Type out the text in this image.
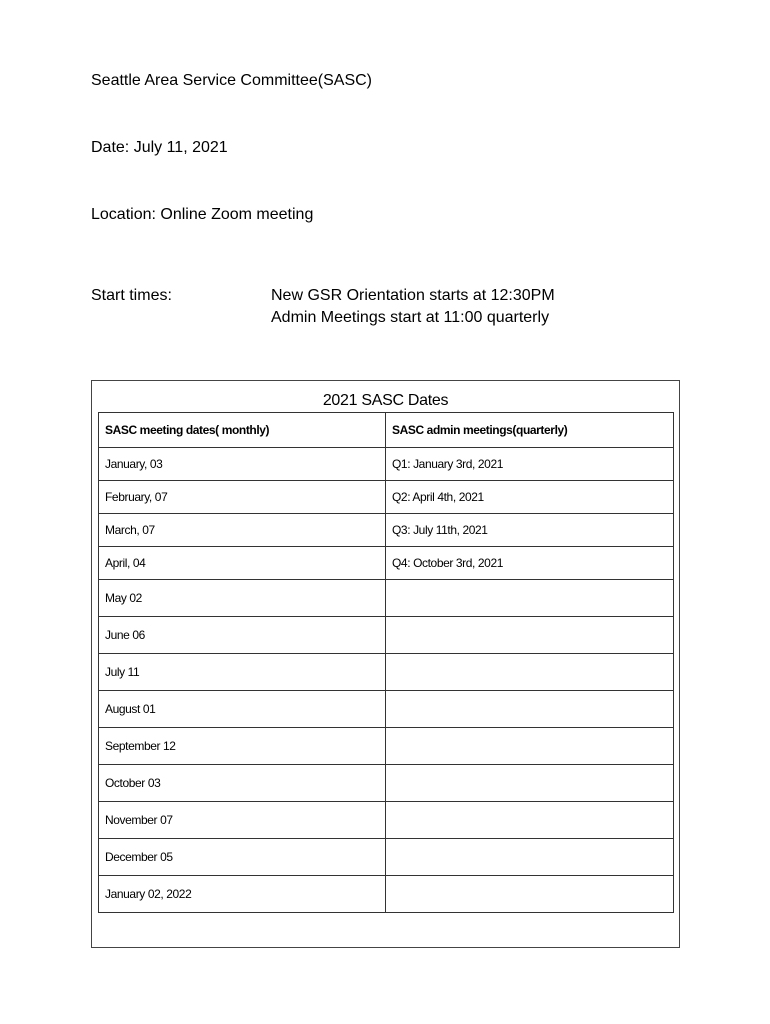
Seattle Area Service Committee(SASC)
Date: July 11, 2021
Location: Online Zoom meeting
Start times:	New GSR Orientation starts at 12:30PM
Admin Meetings start at 11:00 quarterly
2021 SASC Dates
SASC meeting dates( monthly)	SASC admin meetings(quarterly)
January, 03	Q1: January 3rd, 2021
February, 07	Q2: April 4th, 2021
March, 07	Q3: July 11th, 2021
April, 04	Q4: October 3rd, 2021
May 02	
June 06	
July 11	
August 01	
September 12	
October 03	
November 07	
December 05	
January 02, 2022	
